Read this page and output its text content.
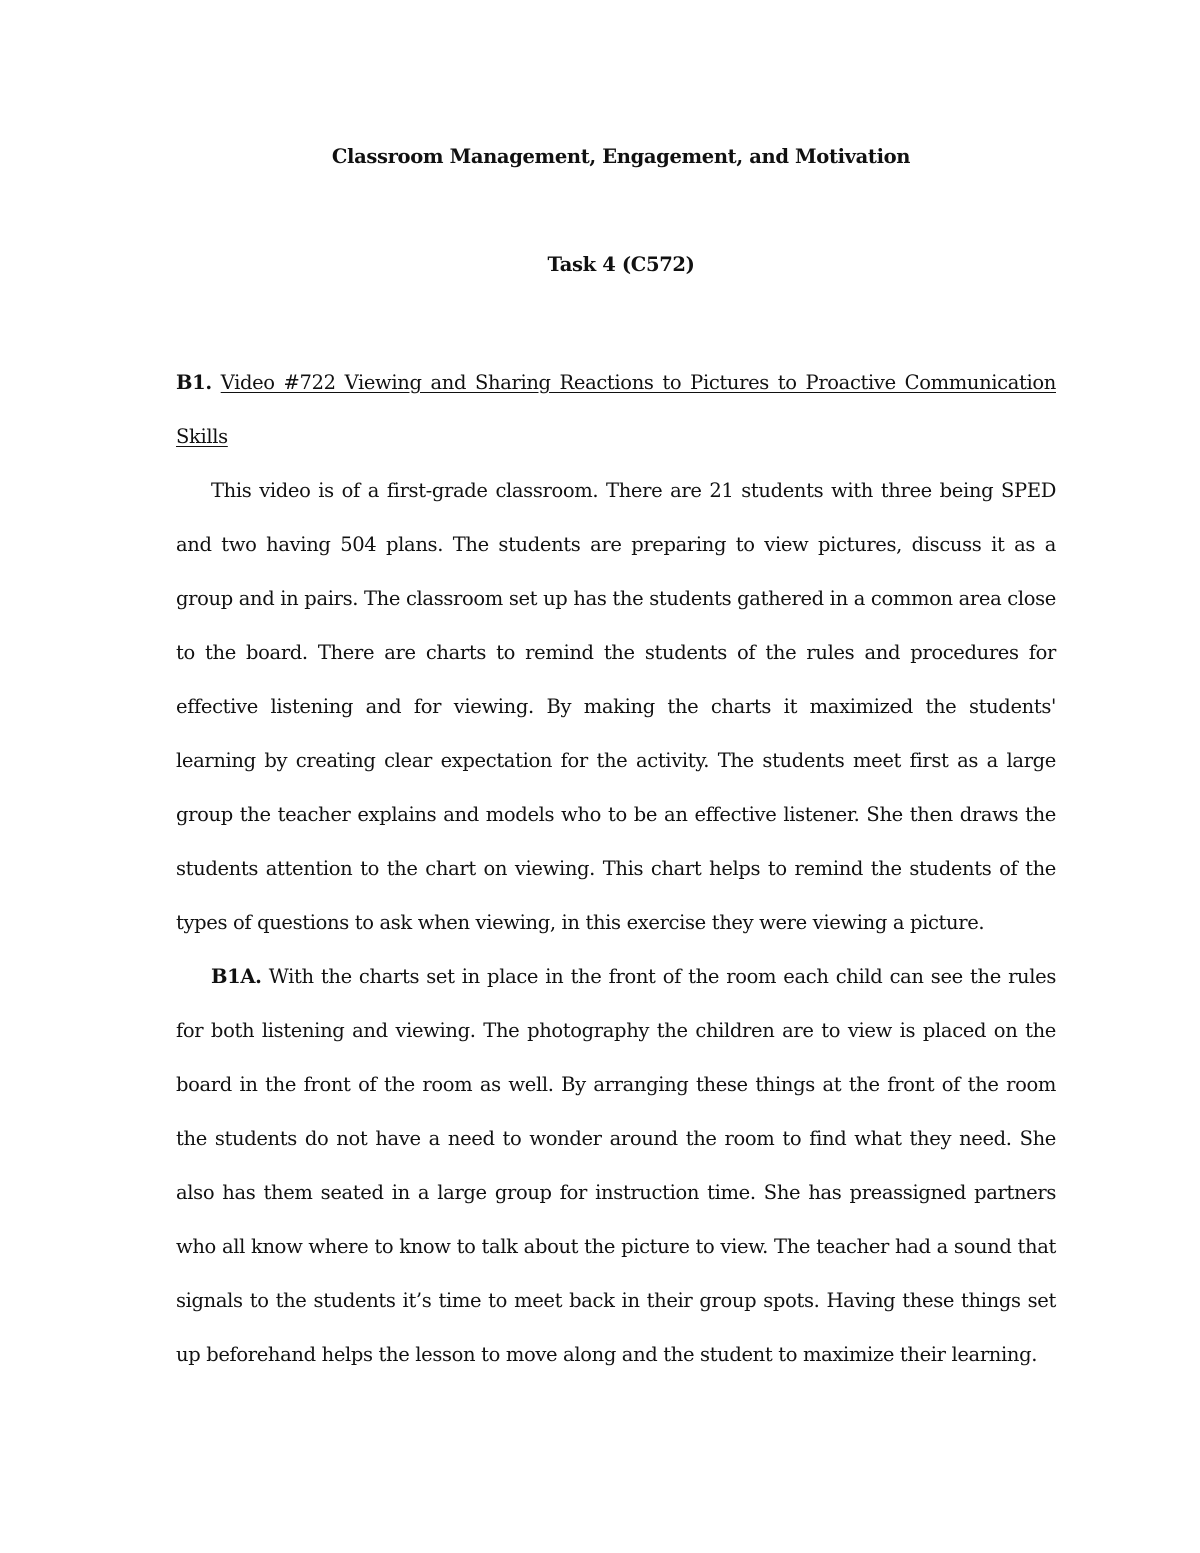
Classroom Management, Engagement, and Motivation
Task 4 (C572)

B1. Video #722 Viewing and Sharing Reactions to Pictures to Proactive Communication Skills

This video is of a first-grade classroom. There are 21 students with three being SPED and two having 504 plans. The students are preparing to view pictures, discuss it as a group and in pairs. The classroom set up has the students gathered in a common area close to the board. There are charts to remind the students of the rules and procedures for effective listening and for viewing. By making the charts it maximized the students' learning by creating clear expectation for the activity. The students meet first as a large group the teacher explains and models who to be an effective listener. She then draws the students attention to the chart on viewing. This chart helps to remind the students of the types of questions to ask when viewing, in this exercise they were viewing a picture.

B1A. With the charts set in place in the front of the room each child can see the rules for both listening and viewing. The photography the children are to view is placed on the board in the front of the room as well. By arranging these things at the front of the room the students do not have a need to wonder around the room to find what they need. She also has them seated in a large group for instruction time. She has preassigned partners who all know where to know to talk about the picture to view. The teacher had a sound that signals to the students it’s time to meet back in their group spots. Having these things set up beforehand helps the lesson to move along and the student to maximize their learning.
